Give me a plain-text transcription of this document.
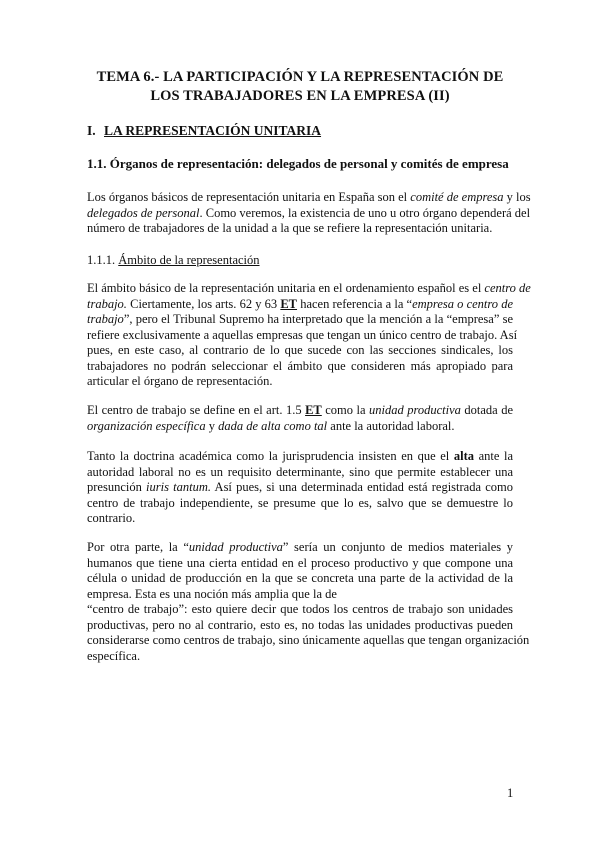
TEMA 6.- LA PARTICIPACIÓN Y LA REPRESENTACIÓN DE
LOS TRABAJADORES EN LA EMPRESA (II)
I. LA REPRESENTACIÓN UNITARIA
1.1. Órganos de representación: delegados de personal y comités de empresa

Los órganos básicos de representación unitaria en España son el comité de empresa y los
delegados de personal. Como veremos, la existencia de uno u otro órgano dependerá del
número de trabajadores de la unidad a la que se refiere la representación unitaria.

1.1.1. Ámbito de la representación

El ámbito básico de la representación unitaria en el ordenamiento español es el centro de
trabajo. Ciertamente, los arts. 62 y 63 ET hacen referencia a la “empresa o centro de
trabajo”, pero el Tribunal Supremo ha interpretado que la mención a la “empresa” se
refiere exclusivamente a aquellas empresas que tengan un único centro de trabajo. Así
pues, en este caso, al contrario de lo que sucede con las secciones sindicales, los
trabajadores no podrán seleccionar el ámbito que consideren más apropiado para
articular el órgano de representación.

El centro de trabajo se define en el art. 1.5 ET como la unidad productiva dotada de
organización específica y dada de alta como tal ante la autoridad laboral.

Tanto la doctrina académica como la jurisprudencia insisten en que el alta ante la
autoridad laboral no es un requisito determinante, sino que permite establecer una
presunción iuris tantum. Así pues, si una determinada entidad está registrada como
centro de trabajo independiente, se presume que lo es, salvo que se demuestre lo
contrario.

Por otra parte, la “unidad productiva” sería un conjunto de medios materiales y
humanos que tiene una cierta entidad en el proceso productivo y que compone una
célula o unidad de producción en la que se concreta una parte de la actividad de la
empresa. Esta es una noción más amplia que la de
“centro de trabajo”: esto quiere decir que todos los centros de trabajo son unidades
productivas, pero no al contrario, esto es, no todas las unidades productivas pueden
considerarse como centros de trabajo, sino únicamente aquellas que tengan organización
específica.

1
